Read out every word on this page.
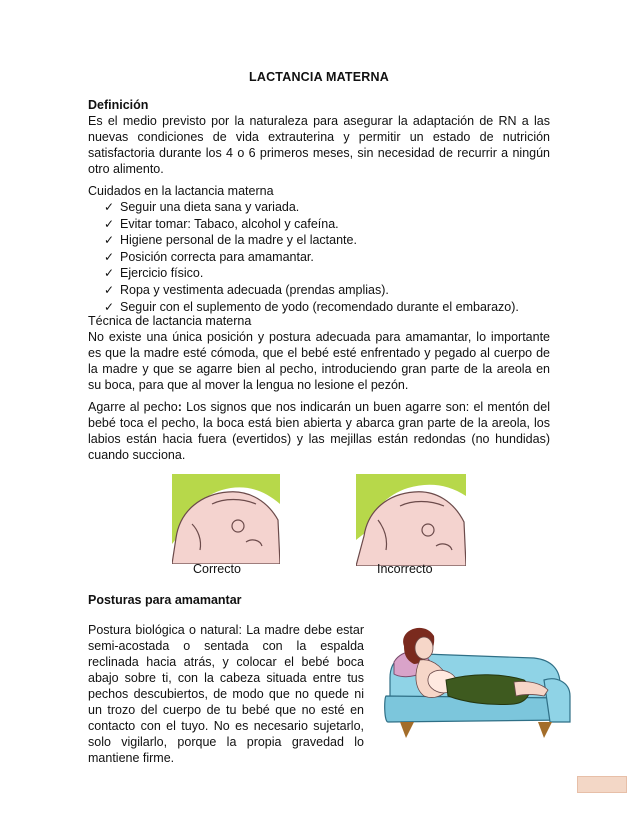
LACTANCIA MATERNA
Definición
Es el medio previsto por la naturaleza para asegurar la adaptación de RN a las nuevas condiciones de vida extrauterina y permitir un estado de nutrición satisfactoria durante los 4 o 6 primeros meses, sin necesidad de recurrir a ningún otro alimento.
Cuidados en la lactancia materna
✓ Seguir una dieta sana y variada.
✓ Evitar tomar: Tabaco, alcohol y cafeína.
✓ Higiene personal de la madre y el lactante.
✓ Posición correcta para amamantar.
✓ Ejercicio físico.
✓ Ropa y vestimenta adecuada (prendas amplias).
✓ Seguir con el suplemento de yodo (recomendado durante el embarazo).
Técnica de lactancia materna
No existe una única posición y postura adecuada para amamantar, lo importante es que la madre esté cómoda, que el bebé esté enfrentado y pegado al cuerpo de la madre y que se agarre bien al pecho, introduciendo gran parte de la areola en su boca, para que al mover la lengua no lesione el pezón.
Agarre al pecho: Los signos que nos indicarán un buen agarre son: el mentón del bebé toca el pecho, la boca está bien abierta y abarca gran parte de la areola, los labios están hacia fuera (evertidos) y las mejillas están redondas (no hundidas) cuando succiona.
Correcto	Incorrecto
Posturas para amamantar
Postura biológica o natural: La madre debe estar semi-acostada o sentada con la espalda reclinada hacia atrás, y colocar el bebé boca abajo sobre ti, con la cabeza situada entre tus pechos descubiertos, de modo que no quede ni un trozo del cuerpo de tu bebé que no esté en contacto con el tuyo. No es necesario sujetarlo, solo vigilarlo, porque la propia gravedad lo mantiene firme.
